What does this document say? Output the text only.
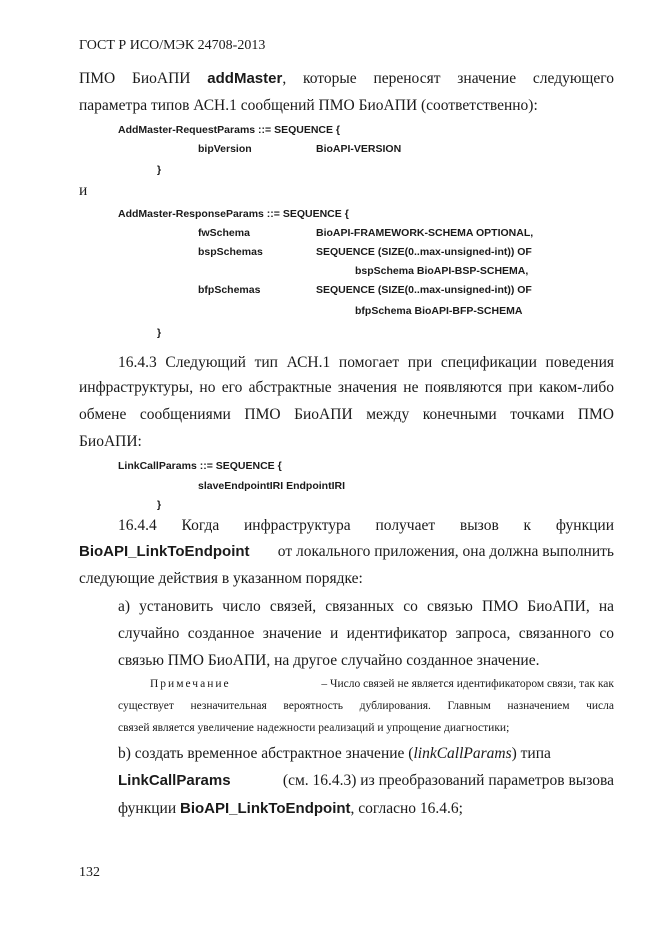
ГОСТ Р ИСО/МЭК 24708-2013
ПМО БиоАПИ addMaster, которые переносят значение следующего
параметра типов АСН.1 сообщений ПМО БиоАПИ (соответственно):
AddMaster-RequestParams ::= SEQUENCE {
bipVersion	BioAPI-VERSION
}
и
AddMaster-ResponseParams ::= SEQUENCE {
fwSchema	BioAPI-FRAMEWORK-SCHEMA OPTIONAL,
bspSchemas	SEQUENCE (SIZE(0..max-unsigned-int)) OF
bspSchema BioAPI-BSP-SCHEMA,
bfpSchemas	SEQUENCE (SIZE(0..max-unsigned-int)) OF
bfpSchema BioAPI-BFP-SCHEMA
}
16.4.3 Следующий тип АСН.1 помогает при спецификации поведения
инфраструктуры, но его абстрактные значения не появляются при каком-либо
обмене сообщениями ПМО БиоАПИ между конечными точками ПМО
БиоАПИ:
LinkCallParams ::= SEQUENCE {
slaveEndpointIRI EndpointIRI
}
16.4.4 Когда инфраструктура получает вызов к функции
BioAPI_LinkToEndpoint от локального приложения, она должна выполнить
следующие действия в указанном порядке:
а) установить число связей, связанных со связью ПМО БиоАПИ, на
случайно созданное значение и идентификатор запроса, связанного со
связью ПМО БиоАПИ, на другое случайно созданное значение.
Примечание	– Число связей не является идентификатором связи, так как
существует незначительная вероятность дублирования. Главным назначением числа
связей является увеличение надежности реализаций и упрощение диагностики;
b) создать временное абстрактное значение (linkCallParams) типа
LinkCallParams	(см. 16.4.3) из преобразований параметров вызова
функции BioAPI_LinkToEndpoint, согласно 16.4.6;
132
